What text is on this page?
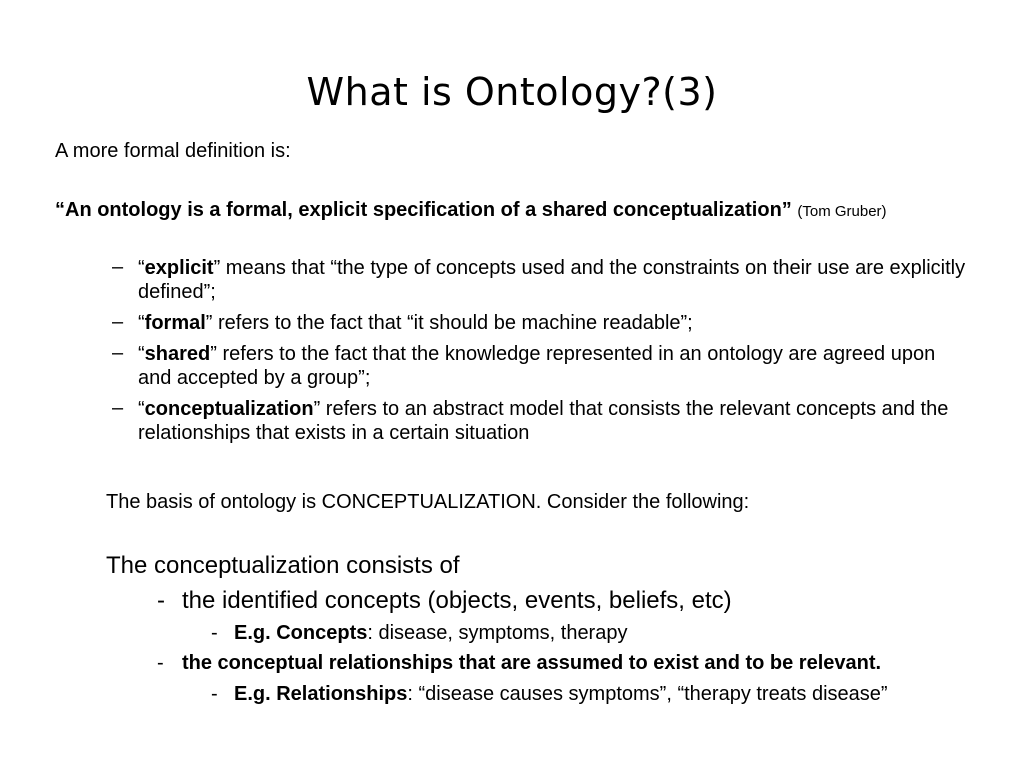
What is Ontology?(3)
A more formal definition is:
“An ontology is a formal, explicit specification of a shared conceptualization” (Tom Gruber)
– “explicit” means that “the type of concepts used and the constraints on their use are explicitly defined”;
– “formal” refers to the fact that “it should be machine readable”;
– “shared” refers to the fact that the knowledge represented in an ontology are agreed upon and accepted by a group”;
– “conceptualization” refers to an abstract model that consists the relevant concepts and the relationships that exists in a certain situation
The basis of ontology is CONCEPTUALIZATION. Consider the following:
The conceptualization consists of
- the identified concepts (objects, events, beliefs, etc)
- E.g. Concepts: disease, symptoms, therapy
- the conceptual relationships that are assumed to exist and to be relevant.
- E.g. Relationships: “disease causes symptoms”, “therapy treats disease”
